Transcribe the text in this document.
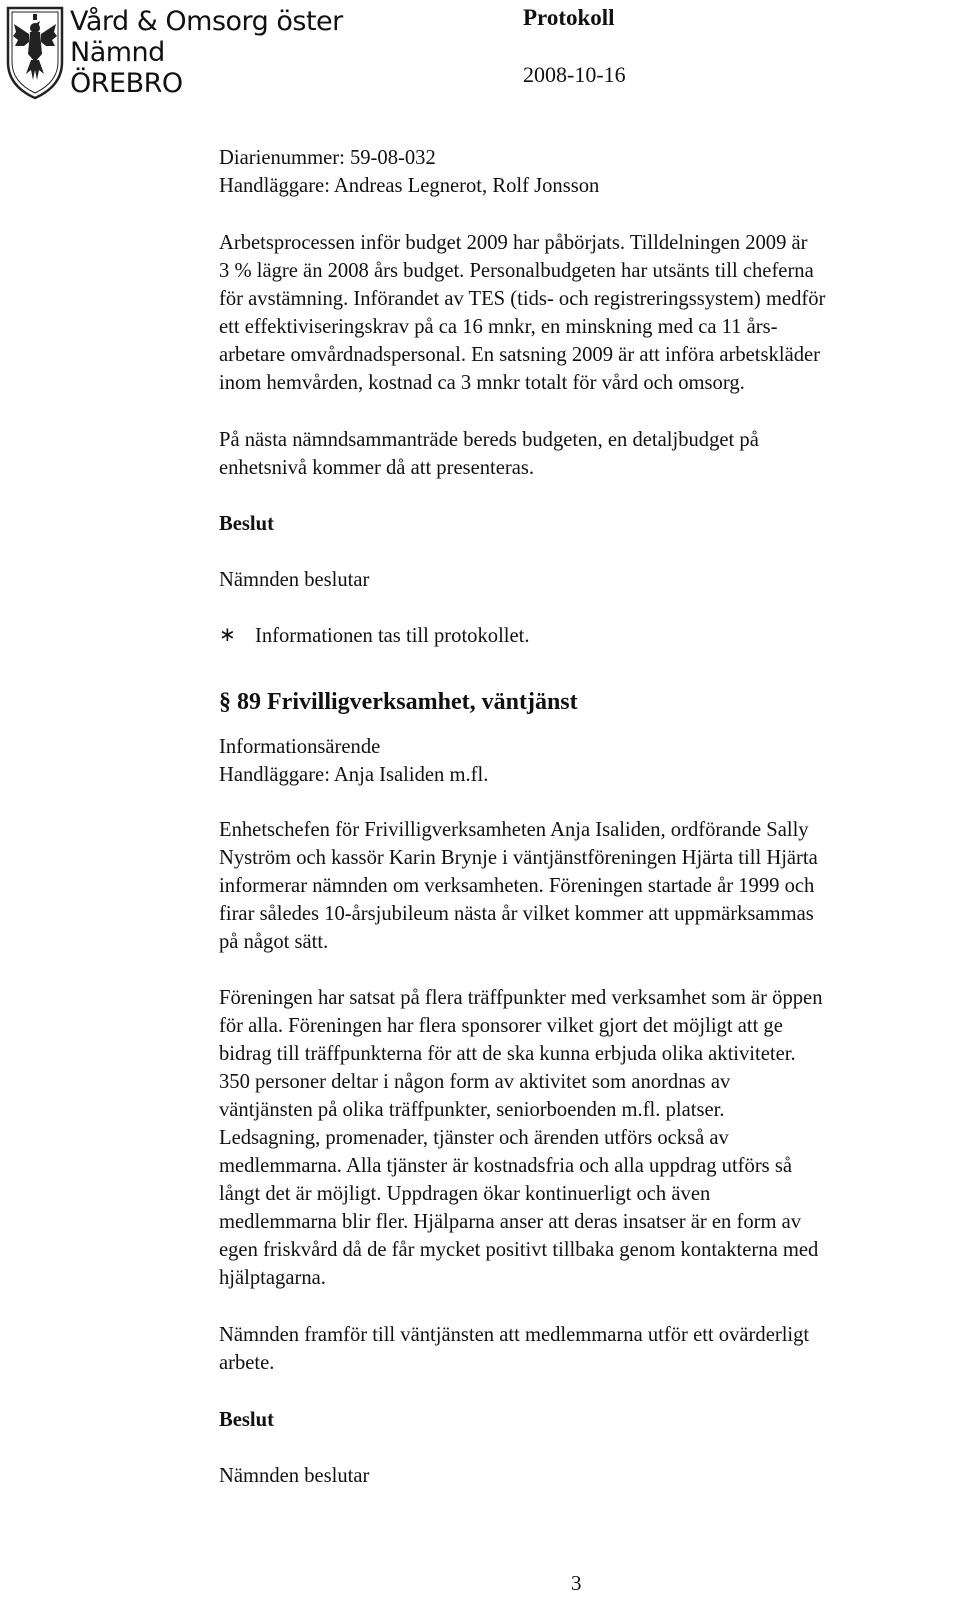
Vård & Omsorg öster
Nämnd
ÖREBRO
Protokoll
2008-10-16
Diarienummer: 59-08-032
Handläggare: Andreas Legnerot, Rolf Jonsson
Arbetsprocessen inför budget 2009 har påbörjats. Tilldelningen 2009 är
3 % lägre än 2008 års budget. Personalbudgeten har utsänts till cheferna
för avstämning. Införandet av TES (tids- och registreringssystem) medför
ett effektiviseringskrav på ca 16 mnkr, en minskning med ca 11 års-
arbetare omvårdnadspersonal. En satsning 2009 är att införa arbetskläder
inom hemvården, kostnad ca 3 mnkr totalt för vård och omsorg.
På nästa nämndsammanträde bereds budgeten, en detaljbudget på
enhetsnivå kommer då att presenteras.
Beslut
Nämnden beslutar
∗ Informationen tas till protokollet.
§ 89 Frivilligverksamhet, väntjänst
Informationsärende
Handläggare: Anja Isaliden m.fl.
Enhetschefen för Frivilligverksamheten Anja Isaliden, ordförande Sally
Nyström och kassör Karin Brynje i väntjänstföreningen Hjärta till Hjärta
informerar nämnden om verksamheten. Föreningen startade år 1999 och
firar således 10-årsjubileum nästa år vilket kommer att uppmärksammas
på något sätt.
Föreningen har satsat på flera träffpunkter med verksamhet som är öppen
för alla. Föreningen har flera sponsorer vilket gjort det möjligt att ge
bidrag till träffpunkterna för att de ska kunna erbjuda olika aktiviteter.
350 personer deltar i någon form av aktivitet som anordnas av
väntjänsten på olika träffpunkter, seniorboenden m.fl. platser.
Ledsagning, promenader, tjänster och ärenden utförs också av
medlemmarna. Alla tjänster är kostnadsfria och alla uppdrag utförs så
långt det är möjligt. Uppdragen ökar kontinuerligt och även
medlemmarna blir fler. Hjälparna anser att deras insatser är en form av
egen friskvård då de får mycket positivt tillbaka genom kontakterna med
hjälptagarna.
Nämnden framför till väntjänsten att medlemmarna utför ett ovärderligt
arbete.
Beslut
Nämnden beslutar
3
